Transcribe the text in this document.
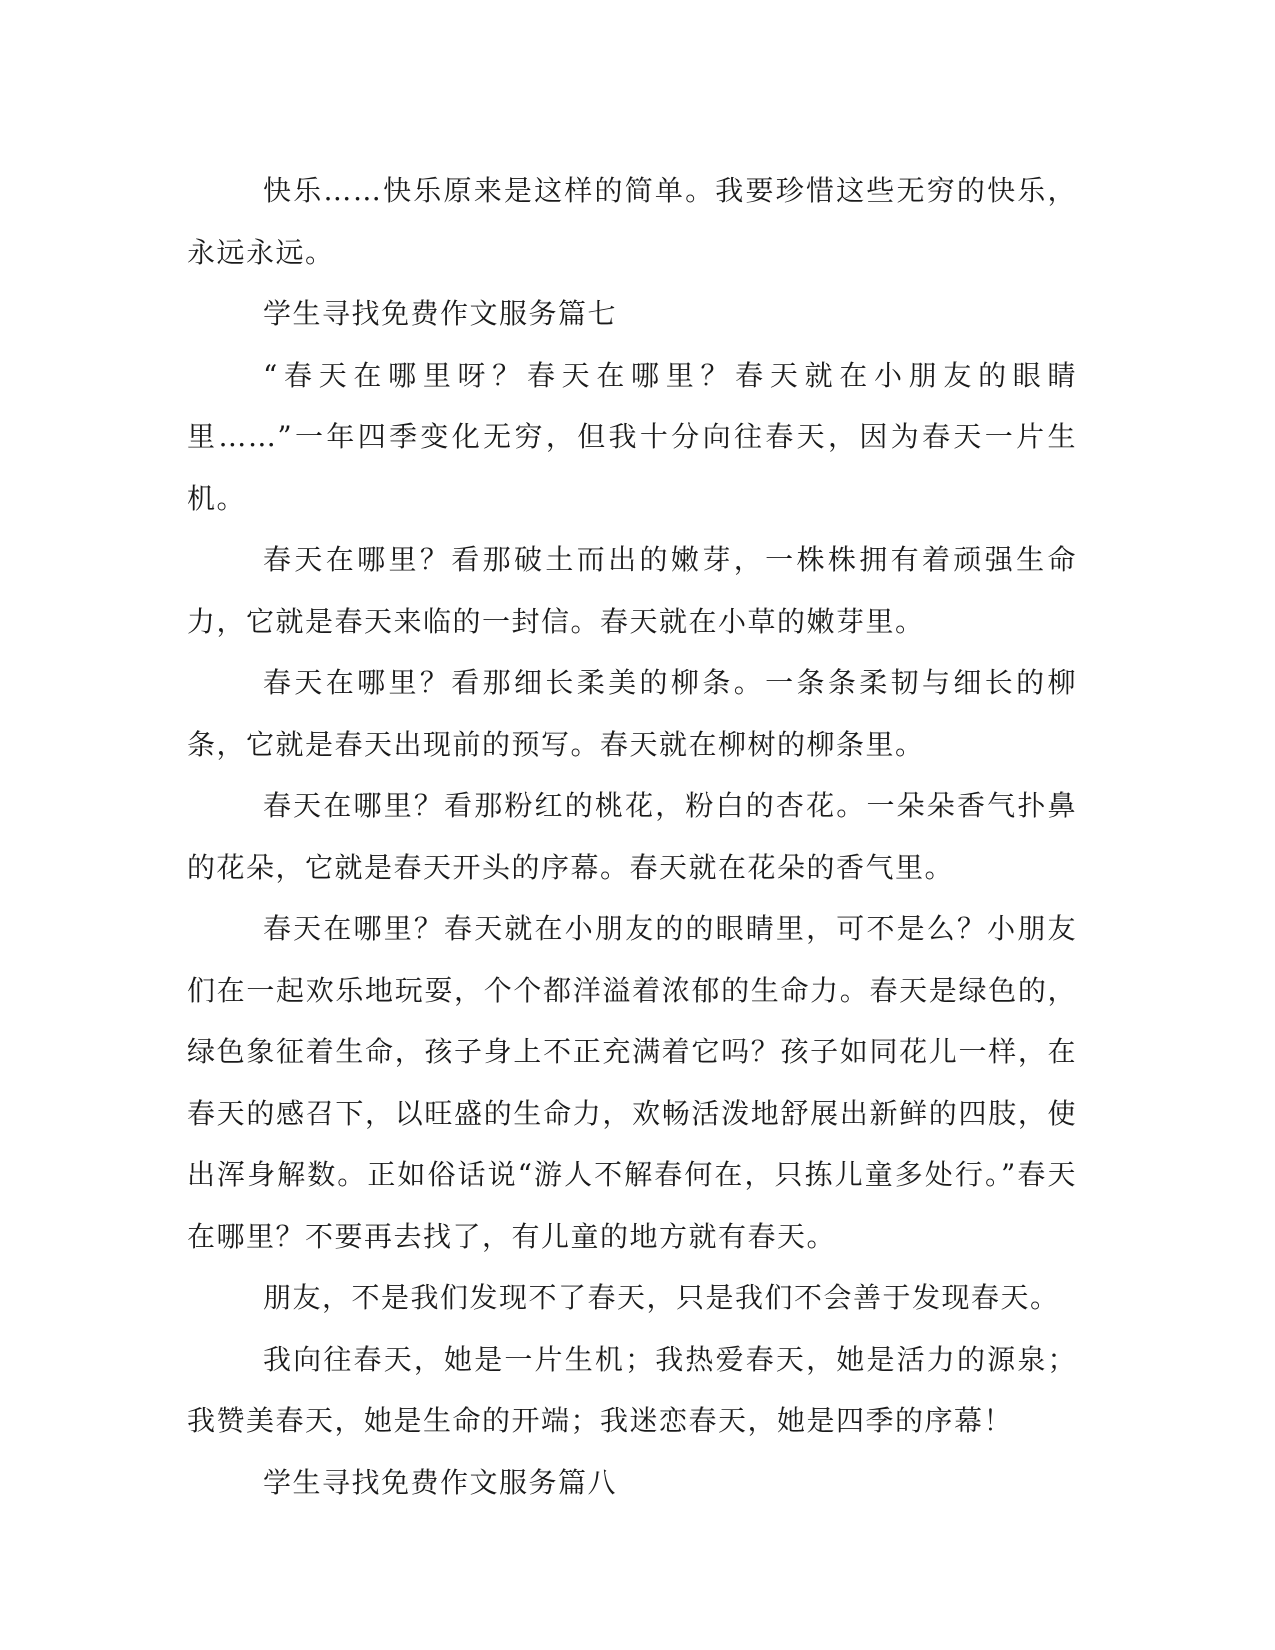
快乐……快乐原来是这样的简单。我要珍惜这些无穷的快乐，永远永远。

学生寻找免费作文服务篇七

“春天在哪里呀？春天在哪里？春天就在小朋友的眼睛里……”一年四季变化无穷，但我十分向往春天，因为春天一片生机。

春天在哪里？看那破土而出的嫩芽，一株株拥有着顽强生命力，它就是春天来临的一封信。春天就在小草的嫩芽里。

春天在哪里？看那细长柔美的柳条。一条条柔韧与细长的柳条，它就是春天出现前的预写。春天就在柳树的柳条里。

春天在哪里？看那粉红的桃花，粉白的杏花。一朵朵香气扑鼻的花朵，它就是春天开头的序幕。春天就在花朵的香气里。

春天在哪里？春天就在小朋友的的眼睛里，可不是么？小朋友们在一起欢乐地玩耍，个个都洋溢着浓郁的生命力。春天是绿色的，绿色象征着生命，孩子身上不正充满着它吗？孩子如同花儿一样，在春天的感召下，以旺盛的生命力，欢畅活泼地舒展出新鲜的四肢，使出浑身解数。正如俗话说“游人不解春何在，只拣儿童多处行。”春天在哪里？不要再去找了，有儿童的地方就有春天。

朋友，不是我们发现不了春天，只是我们不会善于发现春天。

我向往春天，她是一片生机；我热爱春天，她是活力的源泉；我赞美春天，她是生命的开端；我迷恋春天，她是四季的序幕！

学生寻找免费作文服务篇八
